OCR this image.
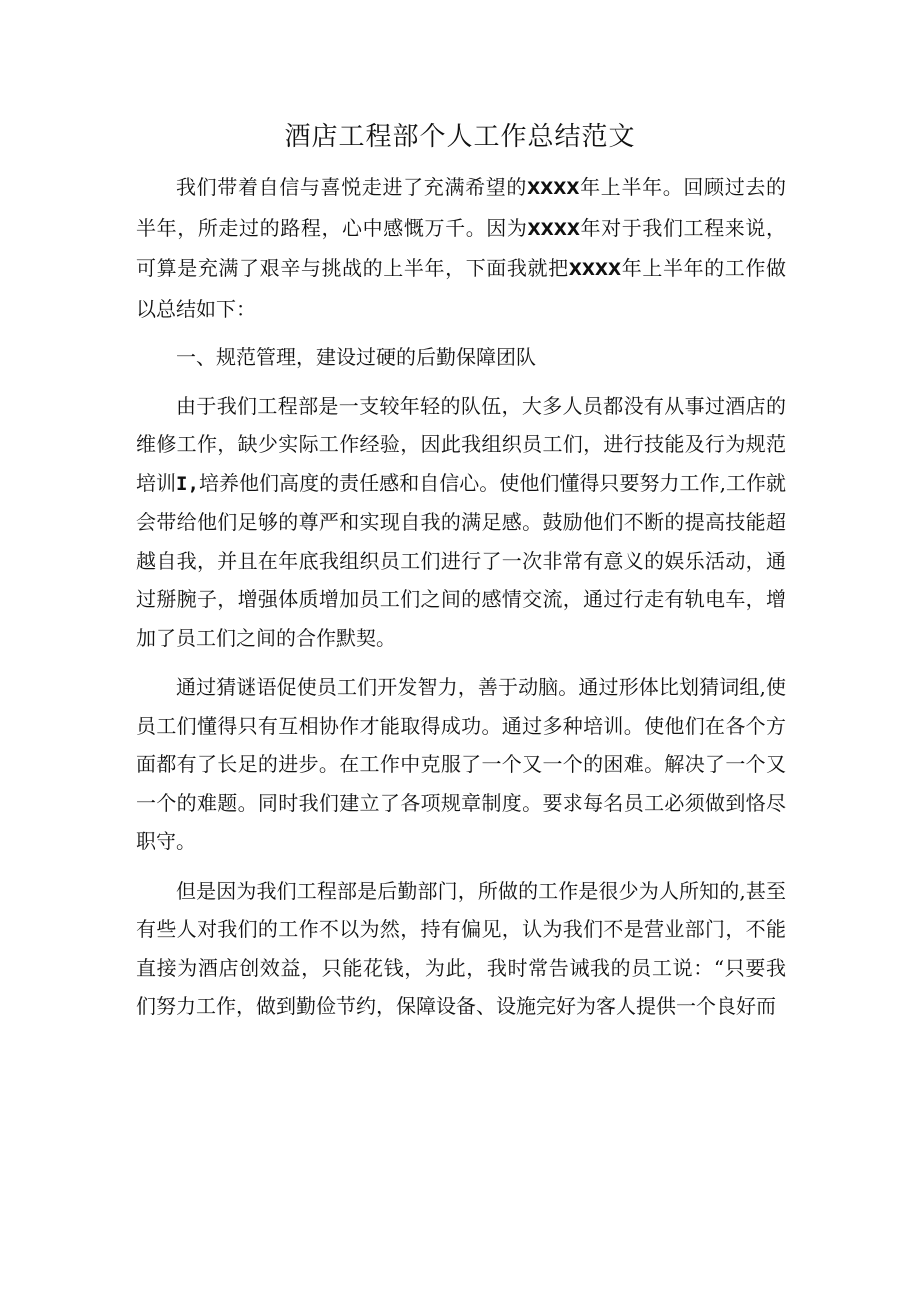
酒店工程部个人工作总结范文

我们带着自信与喜悦走进了充满希望的XXXX年上半年。回顾过去的半年，所走过的路程，心中感慨万千。因为XXXX年对于我们工程来说，可算是充满了艰辛与挑战的上半年，下面我就把XXXX年上半年的工作做以总结如下：

一、规范管理，建设过硬的后勤保障团队

由于我们工程部是一支较年轻的队伍，大多人员都没有从事过酒店的维修工作，缺少实际工作经验，因此我组织员工们，进行技能及行为规范培训I,培养他们高度的责任感和自信心。使他们懂得只要努力工作,工作就会带给他们足够的尊严和实现自我的满足感。鼓励他们不断的提高技能超越自我，并且在年底我组织员工们进行了一次非常有意义的娱乐活动，通过掰腕子，增强体质增加员工们之间的感情交流，通过行走有轨电车，增加了员工们之间的合作默契。

通过猜谜语促使员工们开发智力，善于动脑。通过形体比划猜词组,使员工们懂得只有互相协作才能取得成功。通过多种培训。使他们在各个方面都有了长足的进步。在工作中克服了一个又一个的困难。解决了一个又一个的难题。同时我们建立了各项规章制度。要求每名员工必须做到恪尽职守。

但是因为我们工程部是后勤部门，所做的工作是很少为人所知的,甚至有些人对我们的工作不以为然，持有偏见，认为我们不是营业部门，不能直接为酒店创效益，只能花钱，为此，我时常告诫我的员工说：“只要我们努力工作，做到勤俭节约，保障设备、设施完好为客人提供一个良好而
